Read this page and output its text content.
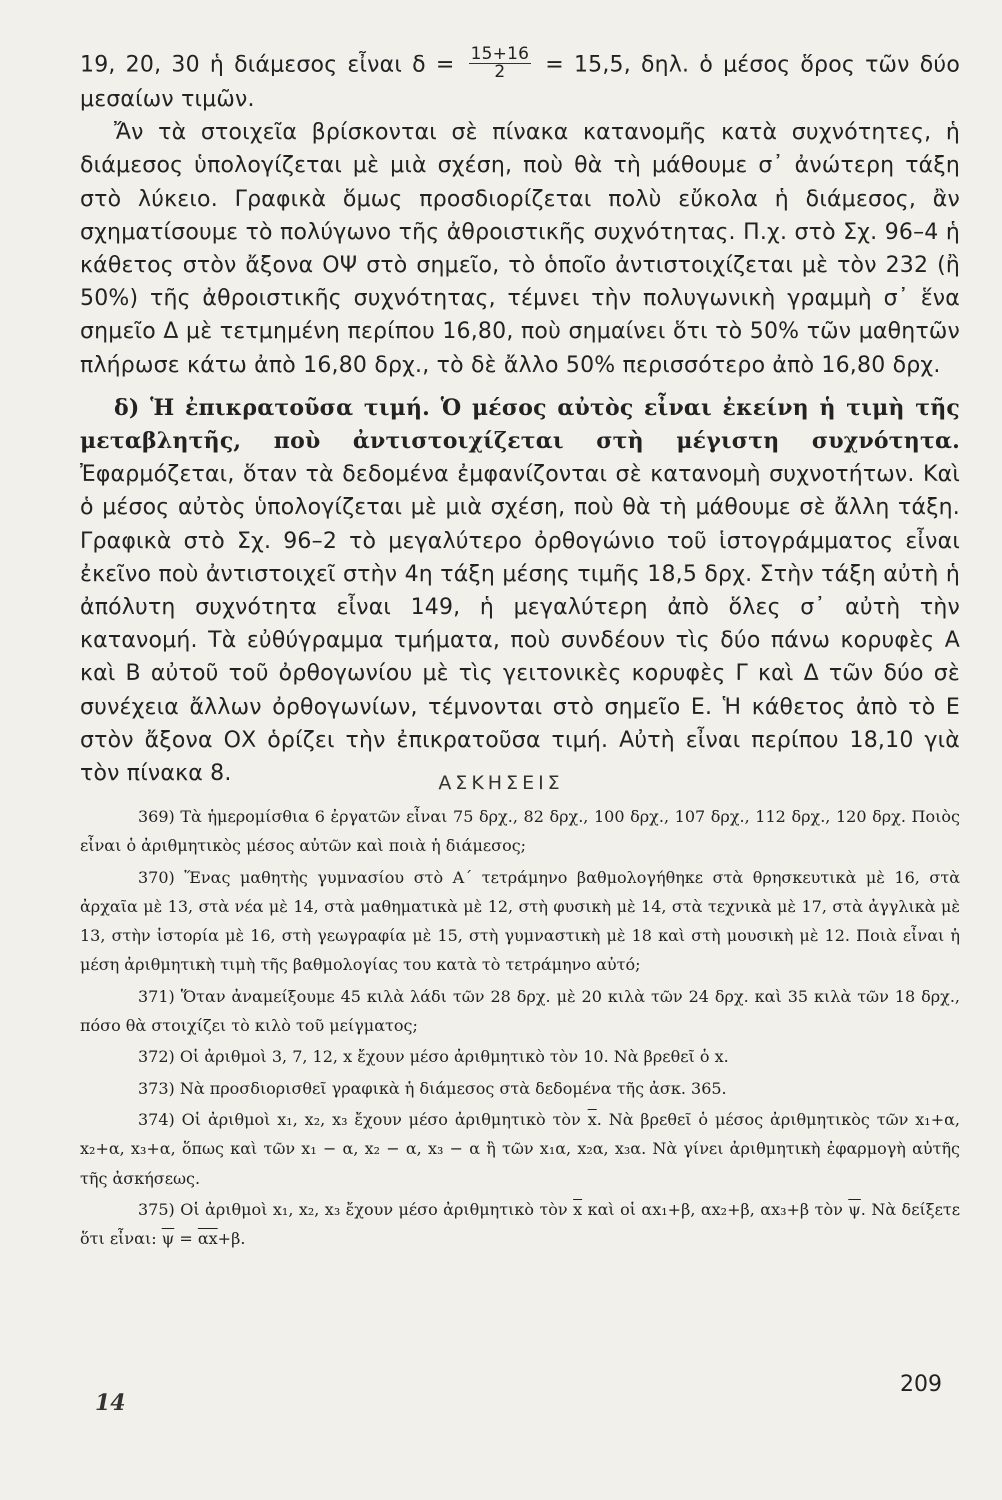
19, 20, 30 ἡ διάμεσος εἶναι $\delta = \frac{15+16}{2} = 15,5$, δηλ. ὁ μέσος ὅρος τῶν δύο μεσαίων τιμῶν.

Ἄν τὰ στοιχεῖα βρίσκονται σὲ πίνακα κατανομῆς κατὰ συχνότητες, ἡ διάμεσος ὑπολογίζεται μὲ μιὰ σχέση, ποὺ θὰ τὴ μάθουμε σ᾽ ἀνώτερη τάξη στὸ λύκειο. Γραφικὰ ὅμως προσδιορίζεται πολὺ εὔκολα ἡ διάμεσος, ἂν σχηματίσουμε τὸ πολύγωνο τῆς ἀθροιστικῆς συχνότητας. Π.χ. στὸ Σχ. 96–4 ἡ κάθετος στὸν ἄξονα ΟΨ στὸ σημεῖο, τὸ ὁποῖο ἀντιστοιχίζεται μὲ τὸν 232 (ἢ 50%) τῆς ἀθροιστικῆς συχνότητας, τέμνει τὴν πολυγωνικὴ γραμμὴ σ᾽ ἕνα σημεῖο Δ μὲ τετμημένη περίπου 16,80, ποὺ σημαίνει ὅτι τὸ 50% τῶν μαθητῶν πλήρωσε κάτω ἀπὸ 16,80 δρχ., τὸ δὲ ἄλλο 50% περισσότερο ἀπὸ 16,80 δρχ.

δ) Ἡ ἐπικρατοῦσα τιμή. Ὁ μέσος αὐτὸς εἶναι ἐκείνη ἡ τιμὴ τῆς μεταβλητῆς, ποὺ ἀντιστοιχίζεται στὴ μέγιστη συχνότητα. Ἐφαρμόζεται, ὅταν τὰ δεδομένα ἐμφανίζονται σὲ κατανομὴ συχνοτήτων. Καὶ ὁ μέσος αὐτὸς ὑπολογίζεται μὲ μιὰ σχέση, ποὺ θὰ τὴ μάθουμε σὲ ἄλλη τάξη. Γραφικὰ στὸ Σχ. 96–2 τὸ μεγαλύτερο ὀρθογώνιο τοῦ ἱστογράμματος εἶναι ἐκεῖνο ποὺ ἀντιστοιχεῖ στὴν 4η τάξη μέσης τιμῆς 18,5 δρχ. Στὴν τάξη αὐτὴ ἡ ἀπόλυτη συχνότητα εἶναι 149, ἡ μεγαλύτερη ἀπὸ ὅλες σ᾽ αὐτὴ τὴν κατανομή. Τὰ εὐθύγραμμα τμήματα, ποὺ συνδέουν τὶς δύο πάνω κορυφὲς Α καὶ Β αὐτοῦ τοῦ ὀρθογωνίου μὲ τὶς γειτονικὲς κορυφὲς Γ καὶ Δ τῶν δύο σὲ συνέχεια ἄλλων ὀρθογωνίων, τέμνονται στὸ σημεῖο Ε. Ἡ κάθετος ἀπὸ τὸ Ε στὸν ἄξονα ΟΧ ὁρίζει τὴν ἐπικρατοῦσα τιμή. Αὐτὴ εἶναι περίπου 18,10 γιὰ τὸν πίνακα 8.	ΑΣΚΗΣΕΙΣ

369) Τὰ ἡμερομίσθια 6 ἐργατῶν εἶναι 75 δρχ., 82 δρχ., 100 δρχ., 107 δρχ., 112 δρχ., 120 δρχ. Ποιὸς εἶναι ὁ ἀριθμητικὸς μέσος αὐτῶν καὶ ποιὰ ἡ διάμεσος;

370) Ἕνας μαθητὴς γυμνασίου στὸ Α΄ τετράμηνο βαθμολογήθηκε στὰ θρησκευτικὰ μὲ 16, στὰ ἀρχαῖα μὲ 13, στὰ νέα μὲ 14, στὰ μαθηματικὰ μὲ 12, στὴ φυσικὴ μὲ 14, στὰ τεχνικὰ μὲ 17, στὰ ἀγγλικὰ μὲ 13, στὴν ἱστορία μὲ 16, στὴ γεωγραφία μὲ 15, στὴ γυμναστικὴ μὲ 18 καὶ στὴ μουσικὴ μὲ 12. Ποιὰ εἶναι ἡ μέση ἀριθμητικὴ τιμὴ τῆς βαθμολογίας του κατὰ τὸ τετράμηνο αὐτό;

371) Ὅταν ἀναμείξουμε 45 κιλὰ λάδι τῶν 28 δρχ. μὲ 20 κιλὰ τῶν 24 δρχ. καὶ 35 κιλὰ τῶν 18 δρχ., πόσο θὰ στοιχίζει τὸ κιλὸ τοῦ μείγματος;

372) Οἱ ἀριθμοὶ 3, 7, 12, x ἔχουν μέσο ἀριθμητικὸ τὸν 10. Νὰ βρεθεῖ ὁ x.

373) Νὰ προσδιορισθεῖ γραφικὰ ἡ διάμεσος στὰ δεδομένα τῆς ἀσκ. 365.

374) Οἱ ἀριθμοὶ x₁, x₂, x₃ ἔχουν μέσο ἀριθμητικὸ τὸν $\overline{x}$. Νὰ βρεθεῖ ὁ μέσος ἀριθμητικὸς τῶν x₁+α, x₂+α, x₃+α, ὅπως καὶ τῶν x₁ − α, x₂ − α, x₃ − α ἢ τῶν x₁α, x₂α, x₃α. Νὰ γίνει ἀριθμητικὴ ἐφαρμογὴ αὐτῆς τῆς ἀσκήσεως.

375) Οἱ ἀριθμοὶ x₁, x₂, x₃ ἔχουν μέσο ἀριθμητικὸ τὸν $\overline{x}$ καὶ οἱ αx₁+β, αx₂+β, αx₃+β τὸν $\overline{\psi}$. Νὰ δείξετε ὅτι εἶναι: $\overline{\psi} = \overline{\alpha x}+\beta$.

14
209
